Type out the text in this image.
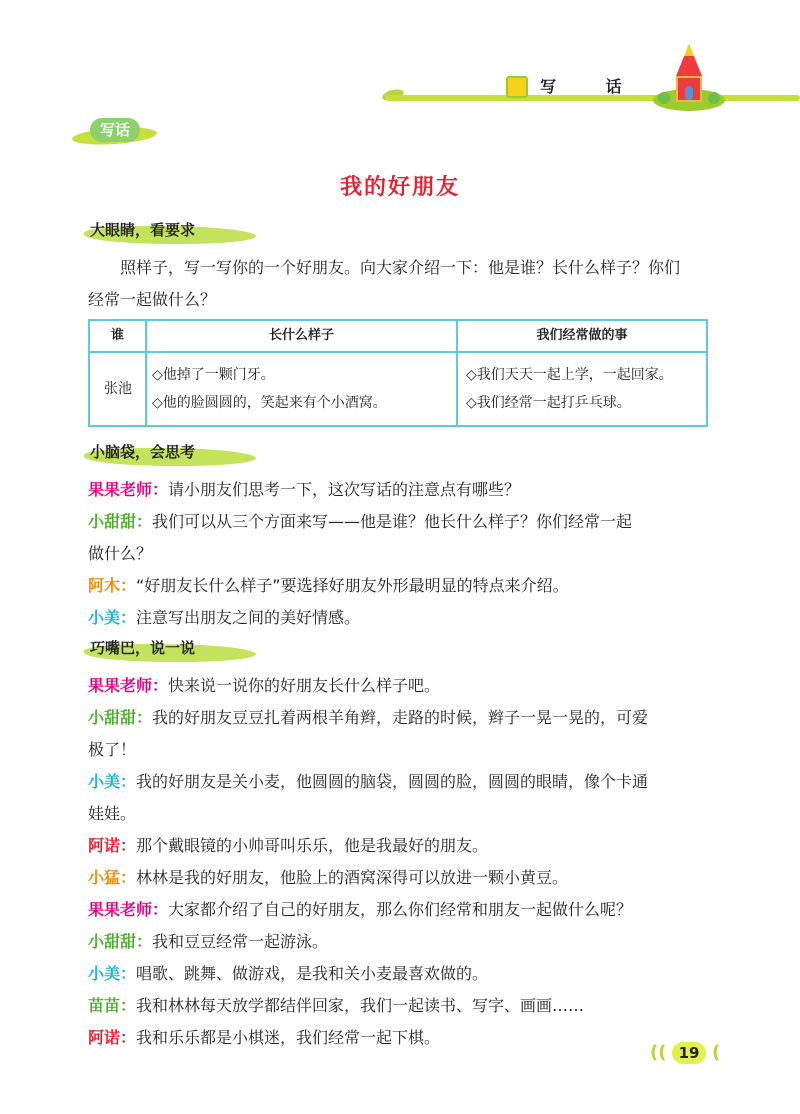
写 话
写话
我的好朋友
大眼睛，看要求
照样子，写一写你的一个好朋友。向大家介绍一下：他是谁？长什么样子？你们
经常一起做什么？
谁	长什么样子	我们经常做的事
张池
◇他掉了一颗门牙。
◇他的脸圆圆的，笑起来有个小酒窝。
◇我们天天一起上学，一起回家。
◇我们经常一起打乒乓球。
小脑袋，会思考
果果老师：请小朋友们思考一下，这次写话的注意点有哪些？
小甜甜：我们可以从三个方面来写——他是谁？他长什么样子？你们经常一起
做什么？
阿木：“好朋友长什么样子”要选择好朋友外形最明显的特点来介绍。
小美：注意写出朋友之间的美好情感。
巧嘴巴，说一说
果果老师：快来说一说你的好朋友长什么样子吧。
小甜甜：我的好朋友豆豆扎着两根羊角辫，走路的时候，辫子一晃一晃的，可爱
极了！
小美：我的好朋友是关小麦，他圆圆的脑袋，圆圆的脸，圆圆的眼睛，像个卡通
娃娃。
阿诺：那个戴眼镜的小帅哥叫乐乐，他是我最好的朋友。
小猛：林林是我的好朋友，他脸上的酒窝深得可以放进一颗小黄豆。
果果老师：大家都介绍了自己的好朋友，那么你们经常和朋友一起做什么呢？
小甜甜：我和豆豆经常一起游泳。
小美：唱歌、跳舞、做游戏，是我和关小麦最喜欢做的。
苗苗：我和林林每天放学都结伴回家，我们一起读书、写字、画画……
阿诺：我和乐乐都是小棋迷，我们经常一起下棋。
(( 19 (
